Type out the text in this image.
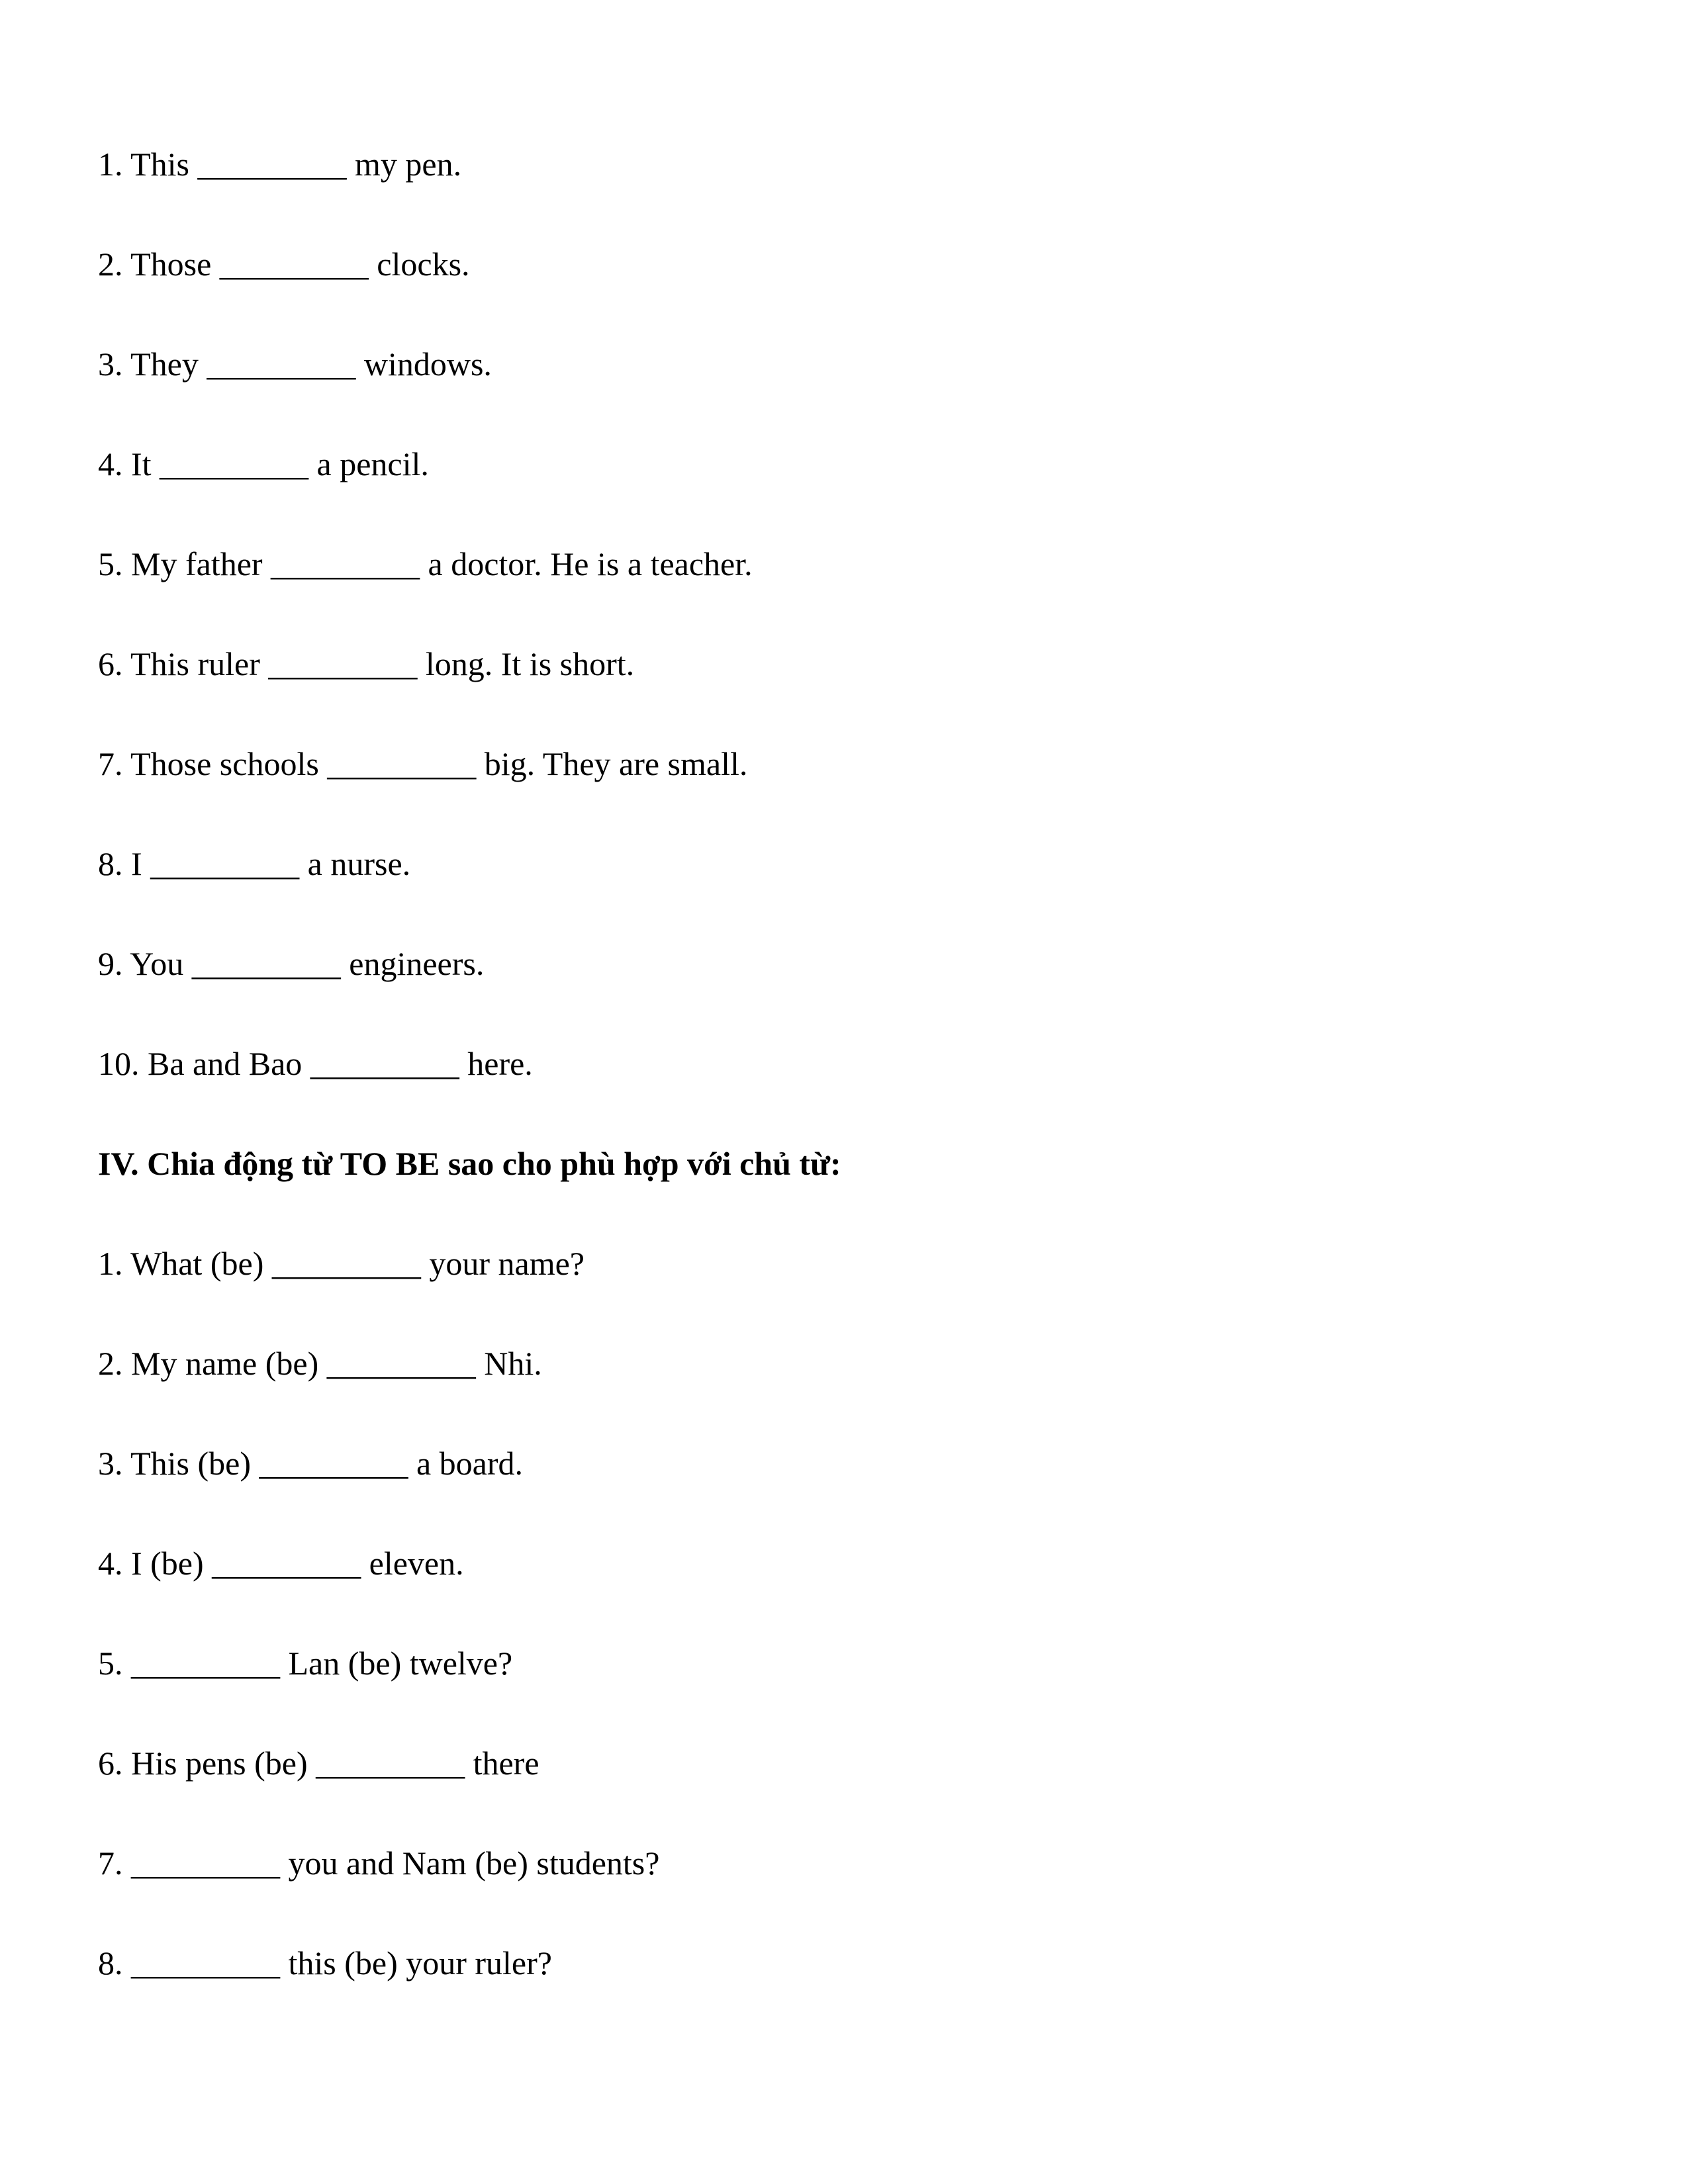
1. This _________ my pen.
2. Those _________ clocks.
3. They _________ windows.
4. It _________ a pencil.
5. My father _________ a doctor. He is a teacher.
6. This ruler _________ long. It is short.
7. Those schools _________ big. They are small.
8. I _________ a nurse.
9. You _________ engineers.
10. Ba and Bao _________ here.
IV. Chia động từ TO BE sao cho phù hợp với chủ từ:
1. What (be) _________ your name?
2. My name (be) _________ Nhi.
3. This (be) _________ a board.
4. I (be) _________ eleven.
5. _________ Lan (be) twelve?
6. His pens (be) _________ there
7. _________ you and Nam (be) students?
8. _________ this (be) your ruler?
